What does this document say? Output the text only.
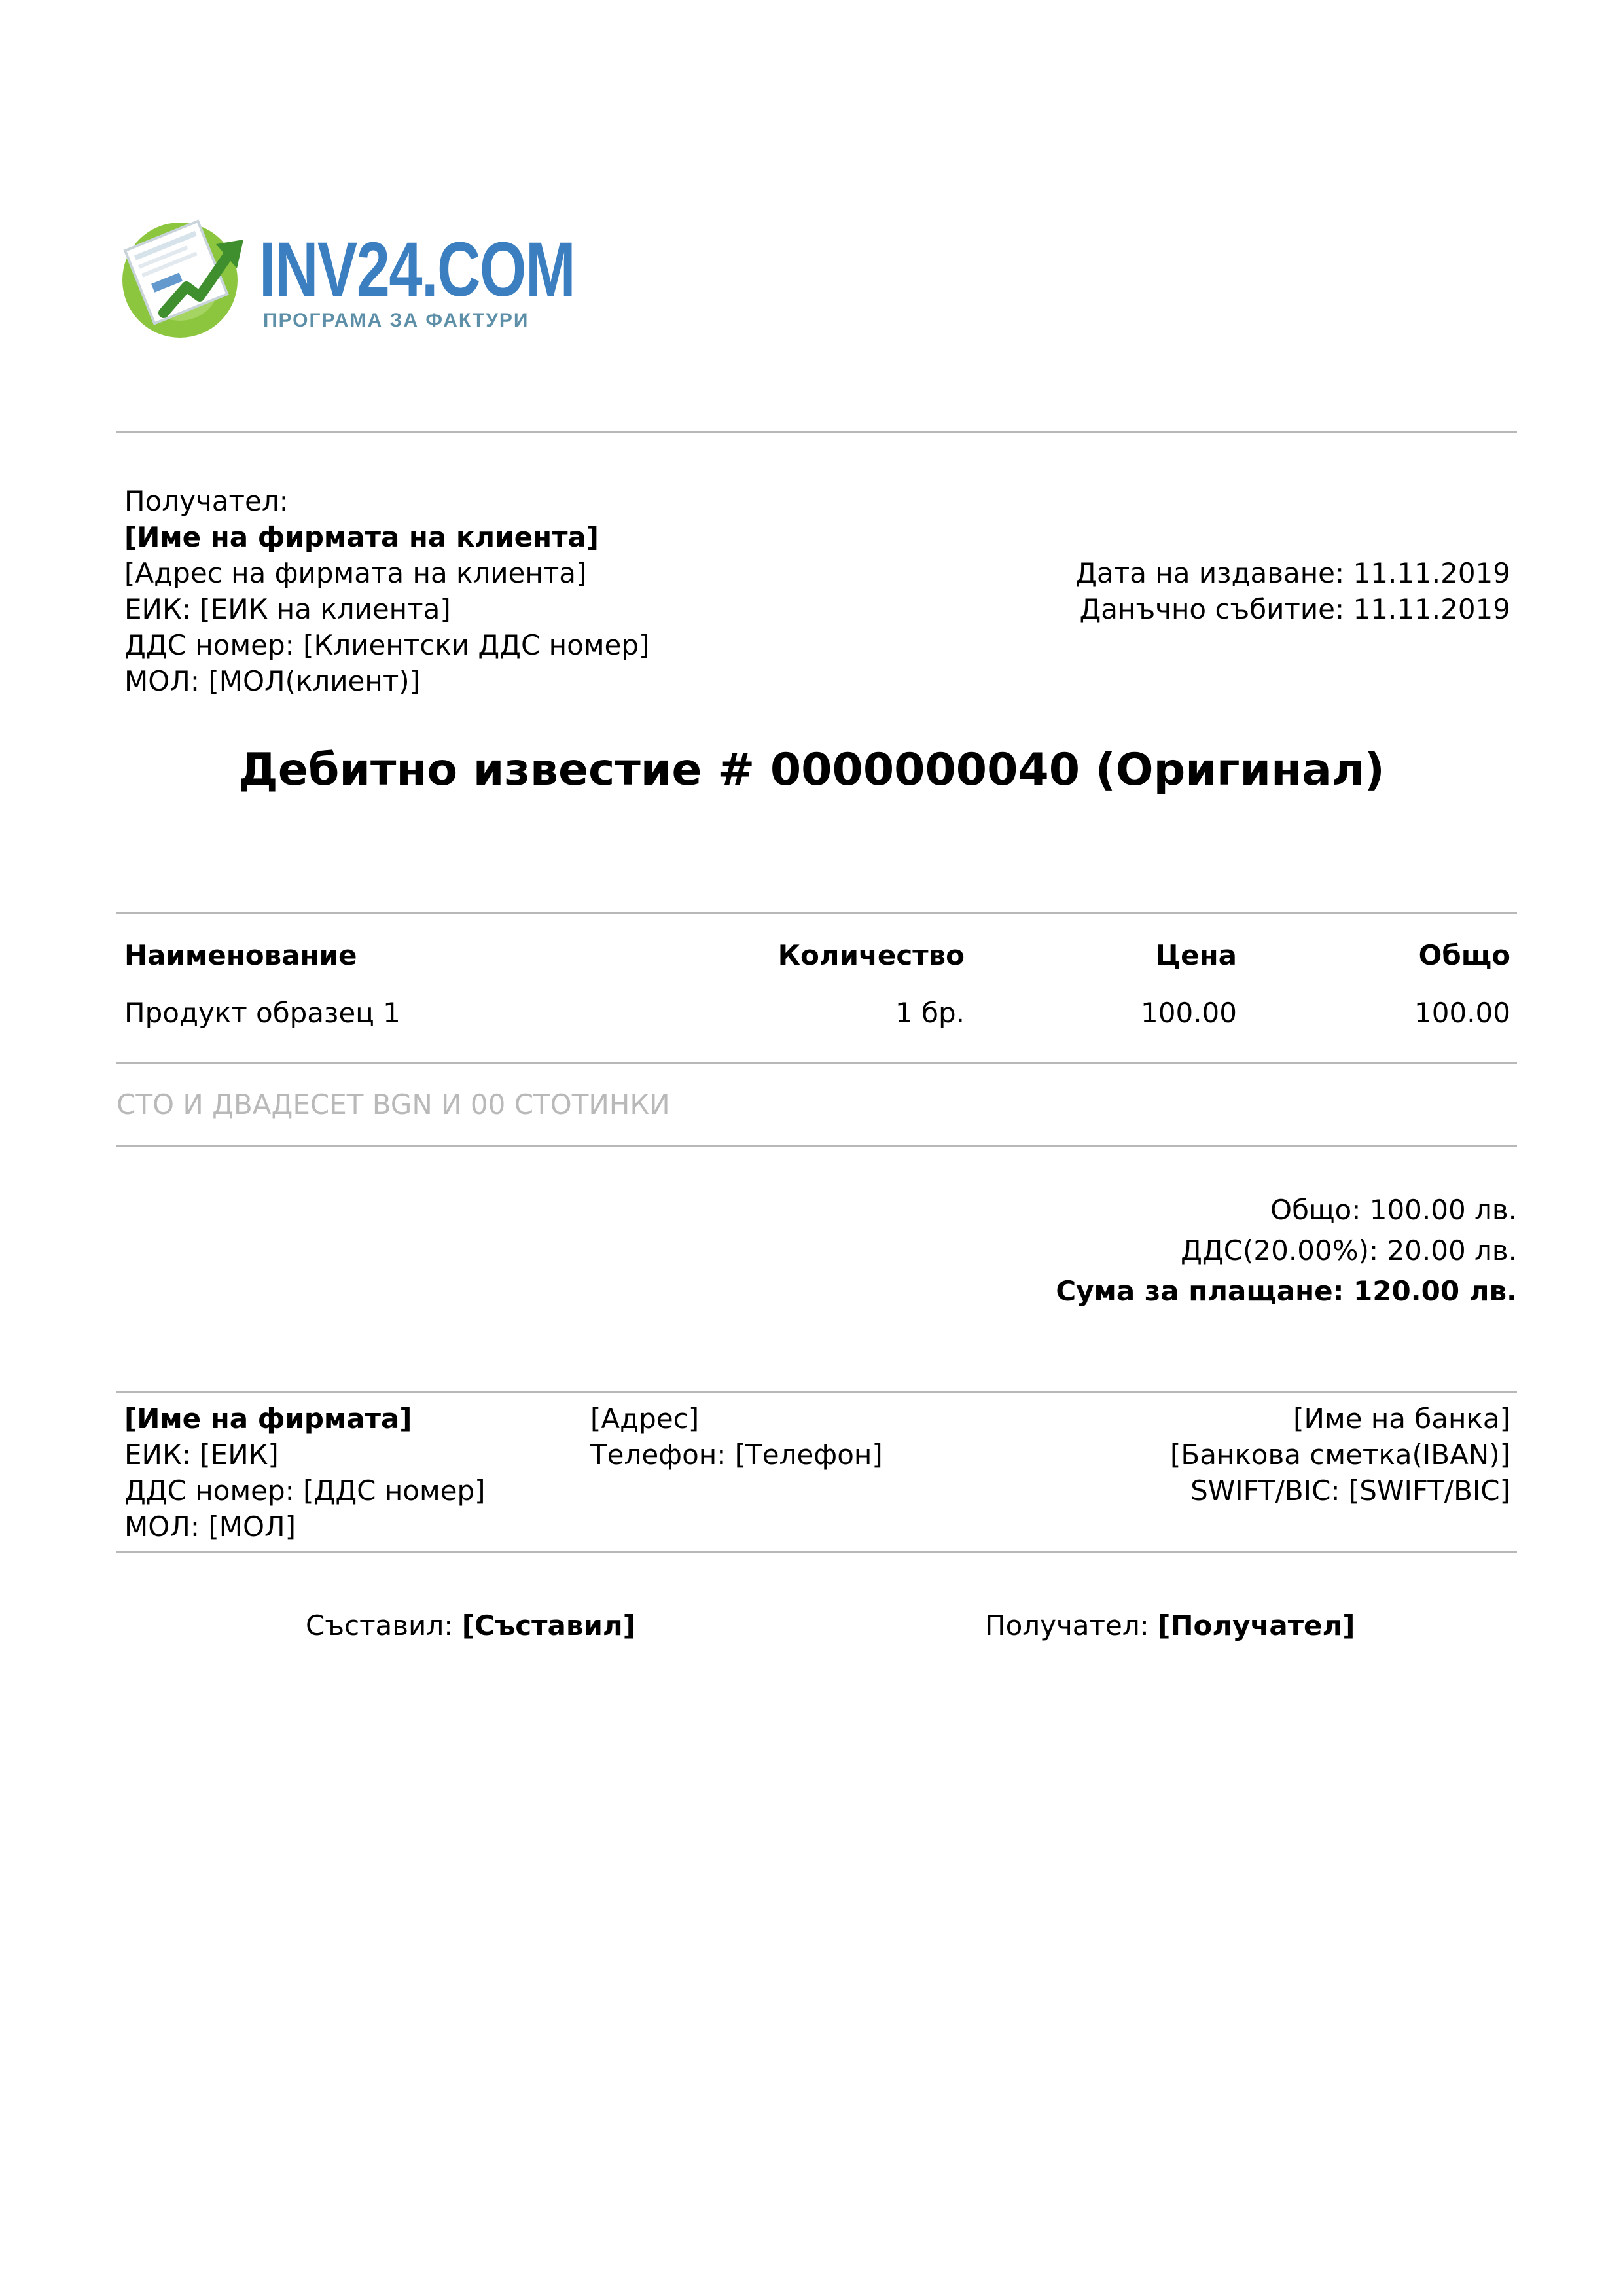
INV24.COM
ПРОГРАМА ЗА ФАКТУРИ
Получател:
[Име на фирмата на клиента]
[Адрес на фирмата на клиента]
ЕИК: [ЕИК на клиента]
ДДС номер: [Клиентски ДДС номер]
МОЛ: [МОЛ(клиент)]
Дата на издаване: 11.11.2019
Данъчно събитие: 11.11.2019
Дебитно известие # 0000000040 (Оригинал)
Наименование	Количество	Цена	Общо
Продукт образец 1	1 бр.	100.00	100.00
СТО И ДВАДЕСЕТ BGN И 00 СТОТИНКИ
Общо: 100.00 лв.
ДДС(20.00%): 20.00 лв.
Сума за плащане: 120.00 лв.
[Име на фирмата]
ЕИК: [ЕИК]
ДДС номер: [ДДС номер]
МОЛ: [МОЛ]
[Адрес]
Телефон: [Телефон]
[Име на банка]
[Банкова сметка(IBAN)]
SWIFT/BIC: [SWIFT/BIC]
Съставил: [Съставил]	Получател: [Получател]
